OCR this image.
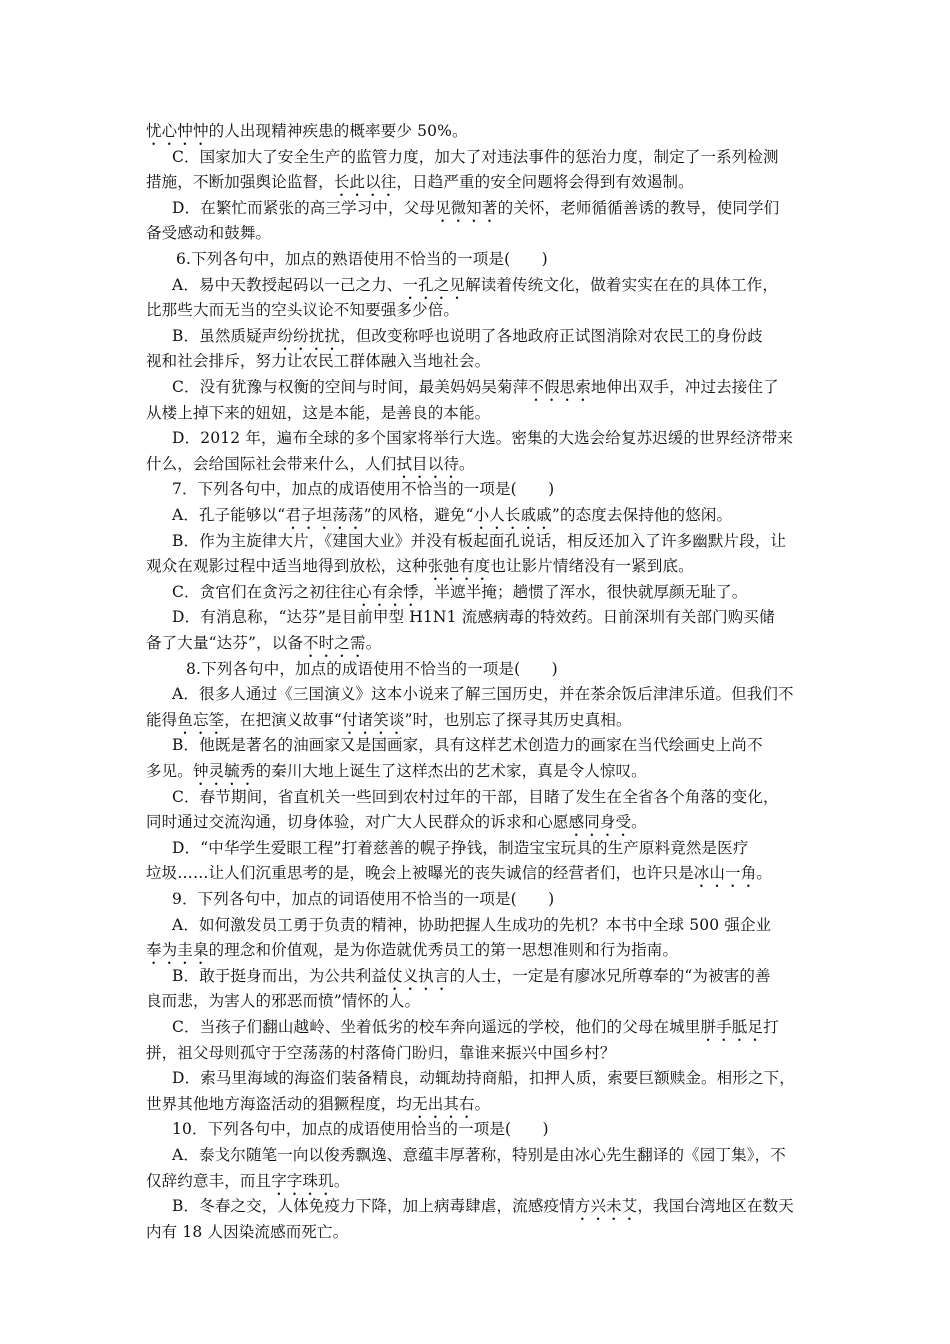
忧心忡忡的人出现精神疾患的概率要少 50%。
C．国家加大了安全生产的监管力度，加大了对违法事件的惩治力度，制定了一系列检测
措施，不断加强舆论监督，长此以往，日趋严重的安全问题将会得到有效遏制。
D．在繁忙而紧张的高三学习中，父母见微知著的关怀，老师循循善诱的教导，使同学们
备受感动和鼓舞。
6.下列各句中，加点的熟语使用不恰当的一项是(　　)
A．易中天教授起码以一己之力、一孔之见解读着传统文化，做着实实在在的具体工作，
比那些大而无当的空头议论不知要强多少倍。
B．虽然质疑声纷纷扰扰，但改变称呼也说明了各地政府正试图消除对农民工的身份歧
视和社会排斥，努力让农民工群体融入当地社会。
C．没有犹豫与权衡的空间与时间，最美妈妈吴菊萍不假思索地伸出双手，冲过去接住了
从楼上掉下来的妞妞，这是本能，是善良的本能。
D．2012 年，遍布全球的多个国家将举行大选。密集的大选会给复苏迟缓的世界经济带来
什么，会给国际社会带来什么，人们拭目以待。
7．下列各句中，加点的成语使用不恰当的一项是(　　)
A．孔子能够以“君子坦荡荡”的风格，避免“小人长戚戚”的态度去保持他的悠闲。
B．作为主旋律大片，《建国大业》并没有板起面孔说话，相反还加入了许多幽默片段，让
观众在观影过程中适当地得到放松，这种张弛有度也让影片情绪没有一紧到底。
C．贪官们在贪污之初往往心有余悸，半遮半掩；趟惯了浑水，很快就厚颜无耻了。
D．有消息称，“达芬”是目前甲型 H1N1 流感病毒的特效药。日前深圳有关部门购买储
备了大量“达芬”，以备不时之需。
8.下列各句中，加点的成语使用不恰当的一项是(　　)
A．很多人通过《三国演义》这本小说来了解三国历史，并在茶余饭后津津乐道。但我们不
能得鱼忘筌，在把演义故事“付诸笑谈”时，也别忘了探寻其历史真相。
B．他既是著名的油画家又是国画家，具有这样艺术创造力的画家在当代绘画史上尚不
多见。钟灵毓秀的秦川大地上诞生了这样杰出的艺术家，真是令人惊叹。
C．春节期间，省直机关一些回到农村过年的干部，目睹了发生在全省各个角落的变化，
同时通过交流沟通，切身体验，对广大人民群众的诉求和心愿感同身受。
D．“中华学生爱眼工程”打着慈善的幌子挣钱，制造宝宝玩具的生产原料竟然是医疗
垃圾……让人们沉重思考的是，晚会上被曝光的丧失诚信的经营者们，也许只是冰山一角。
9．下列各句中，加点的词语使用不恰当的一项是(　　)
A．如何激发员工勇于负责的精神，协助把握人生成功的先机？本书中全球 500 强企业
奉为圭臬的理念和价值观，是为你造就优秀员工的第一思想准则和行为指南。
B．敢于挺身而出，为公共利益仗义执言的人士，一定是有廖冰兄所尊奉的“为被害的善
良而悲，为害人的邪恶而愤”情怀的人。
C．当孩子们翻山越岭、坐着低劣的校车奔向遥远的学校，他们的父母在城里胼手胝足打
拼，祖父母则孤守于空荡荡的村落倚门盼归，靠谁来振兴中国乡村？
D．索马里海域的海盗们装备精良，动辄劫持商船，扣押人质，索要巨额赎金。相形之下，
世界其他地方海盗活动的猖獗程度，均无出其右。
10．下列各句中，加点的成语使用恰当的一项是(　　)
A．泰戈尔随笔一向以俊秀飘逸、意蕴丰厚著称，特别是由冰心先生翻译的《园丁集》，不
仅辞约意丰，而且字字珠玑。
B．冬春之交，人体免疫力下降，加上病毒肆虐，流感疫情方兴未艾，我国台湾地区在数天
内有 18 人因染流感而死亡。
